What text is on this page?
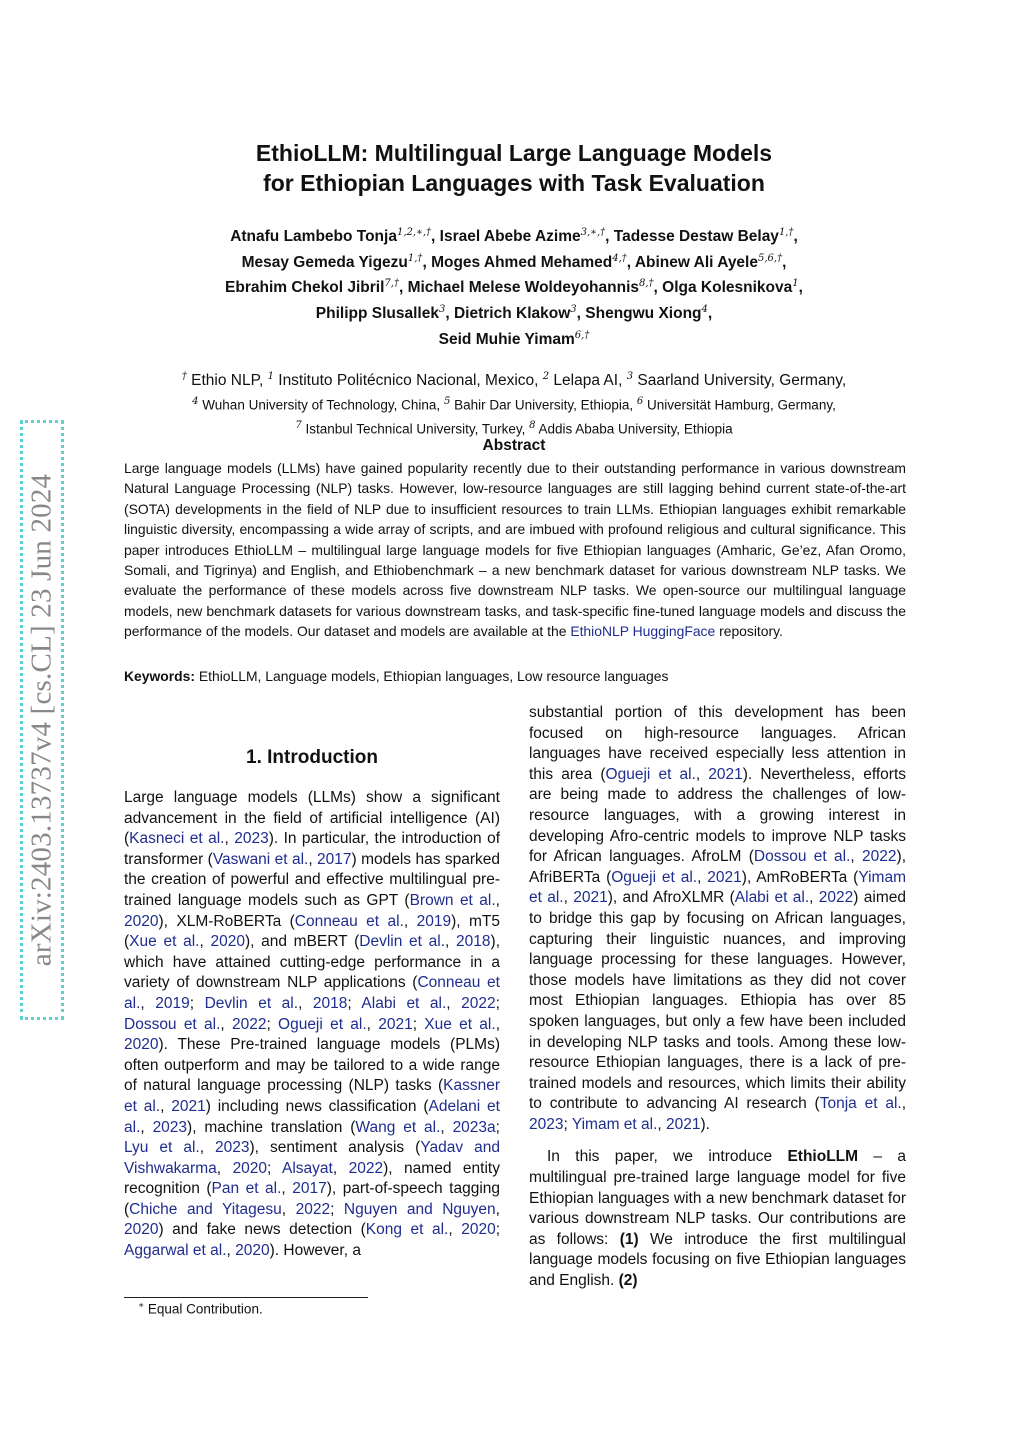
arXiv:2403.13737v4 [cs.CL] 23 Jun 2024
EthioLLM: Multilingual Large Language Models
for Ethiopian Languages with Task Evaluation
Atnafu Lambebo Tonja$^{1,2,∗,\dagger}$, Israel Abebe Azime$^{3,∗,\dagger}$, Tadesse Destaw Belay$^{1,\dagger}$,
Mesay Gemeda Yigezu$^{1,\dagger}$, Moges Ahmed Mehamed$^{4,\dagger}$, Abinew Ali Ayele$^{5,6,\dagger}$,
Ebrahim Chekol Jibril$^{7,\dagger}$, Michael Melese Woldeyohannis$^{8,\dagger}$, Olga Kolesnikova$^1$,
Philipp Slusallek$^3$, Dietrich Klakow$^3$, Shengwu Xiong$^4$,
Seid Muhie Yimam$^{6,\dagger}$
† Ethio NLP, $^1$ Instituto Politécnico Nacional, Mexico, $^2$ Lelapa AI, $^3$ Saarland University, Germany,
$^4$ Wuhan University of Technology, China, $^5$ Bahir Dar University, Ethiopia, $^6$ Universität Hamburg, Germany,
$^7$ Istanbul Technical University, Turkey, $^8$ Addis Ababa University, Ethiopia
Abstract
Large language models (LLMs) have gained popularity recently due to their outstanding performance in various downstream Natural Language Processing (NLP) tasks. However, low-resource languages are still lagging behind current state-of-the-art (SOTA) developments in the field of NLP due to insufficient resources to train LLMs. Ethiopian languages exhibit remarkable linguistic diversity, encompassing a wide array of scripts, and are imbued with profound religious and cultural significance. This paper introduces EthioLLM – multilingual large language models for five Ethiopian languages (Amharic, Ge’ez, Afan Oromo, Somali, and Tigrinya) and English, and Ethiobenchmark – a new benchmark dataset for various downstream NLP tasks. We evaluate the performance of these models across five downstream NLP tasks. We open-source our multilingual language models, new benchmark datasets for various downstream tasks, and task-specific fine-tuned language models and discuss the performance of the models. Our dataset and models are available at the EthioNLP HuggingFace repository.
Keywords: EthioLLM, Language models, Ethiopian languages, Low resource languages
1. Introduction

Large language models (LLMs) show a significant advancement in the field of artificial intelligence (AI) (Kasneci et al., 2023). In particular, the introduction of transformer (Vaswani et al., 2017) models has sparked the creation of powerful and effective multilingual pre-trained language models such as GPT (Brown et al., 2020), XLM-RoBERTa (Conneau et al., 2019), mT5 (Xue et al., 2020), and mBERT (Devlin et al., 2018), which have attained cutting-edge performance in a variety of downstream NLP applications (Conneau et al., 2019; Devlin et al., 2018; Alabi et al., 2022; Dossou et al., 2022; Ogueji et al., 2021; Xue et al., 2020). These Pre-trained language models (PLMs) often outperform and may be tailored to a wide range of natural language processing (NLP) tasks (Kassner et al., 2021) including news classification (Adelani et al., 2023), machine translation (Wang et al., 2023a; Lyu et al., 2023), sentiment analysis (Yadav and Vishwakarma, 2020; Alsayat, 2022), named entity recognition (Pan et al., 2017), part-of-speech tagging (Chiche and Yitagesu, 2022; Nguyen and Nguyen, 2020) and fake news detection (Kong et al., 2020; Aggarwal et al., 2020). However, a

substantial portion of this development has been focused on high-resource languages. African languages have received especially less attention in this area (Ogueji et al., 2021). Nevertheless, efforts are being made to address the challenges of low-resource languages, with a growing interest in developing Afro-centric models to improve NLP tasks for African languages. AfroLM (Dossou et al., 2022), AfriBERTa (Ogueji et al., 2021), AmRoBERTa (Yimam et al., 2021), and AfroXLMR (Alabi et al., 2022) aimed to bridge this gap by focusing on African languages, capturing their linguistic nuances, and improving language processing for these languages. However, those models have limitations as they did not cover most Ethiopian languages. Ethiopia has over 85 spoken languages, but only a few have been included in developing NLP tasks and tools. Among these low-resource Ethiopian languages, there is a lack of pre-trained models and resources, which limits their ability to contribute to advancing AI research (Tonja et al., 2023; Yimam et al., 2021).

In this paper, we introduce EthioLLM – a multilingual pre-trained large language model for five Ethiopian languages with a new benchmark dataset for various downstream NLP tasks. Our contributions are as follows: (1) We introduce the first multilingual language models focusing on five Ethiopian languages and English. (2)

∗ Equal Contribution.
